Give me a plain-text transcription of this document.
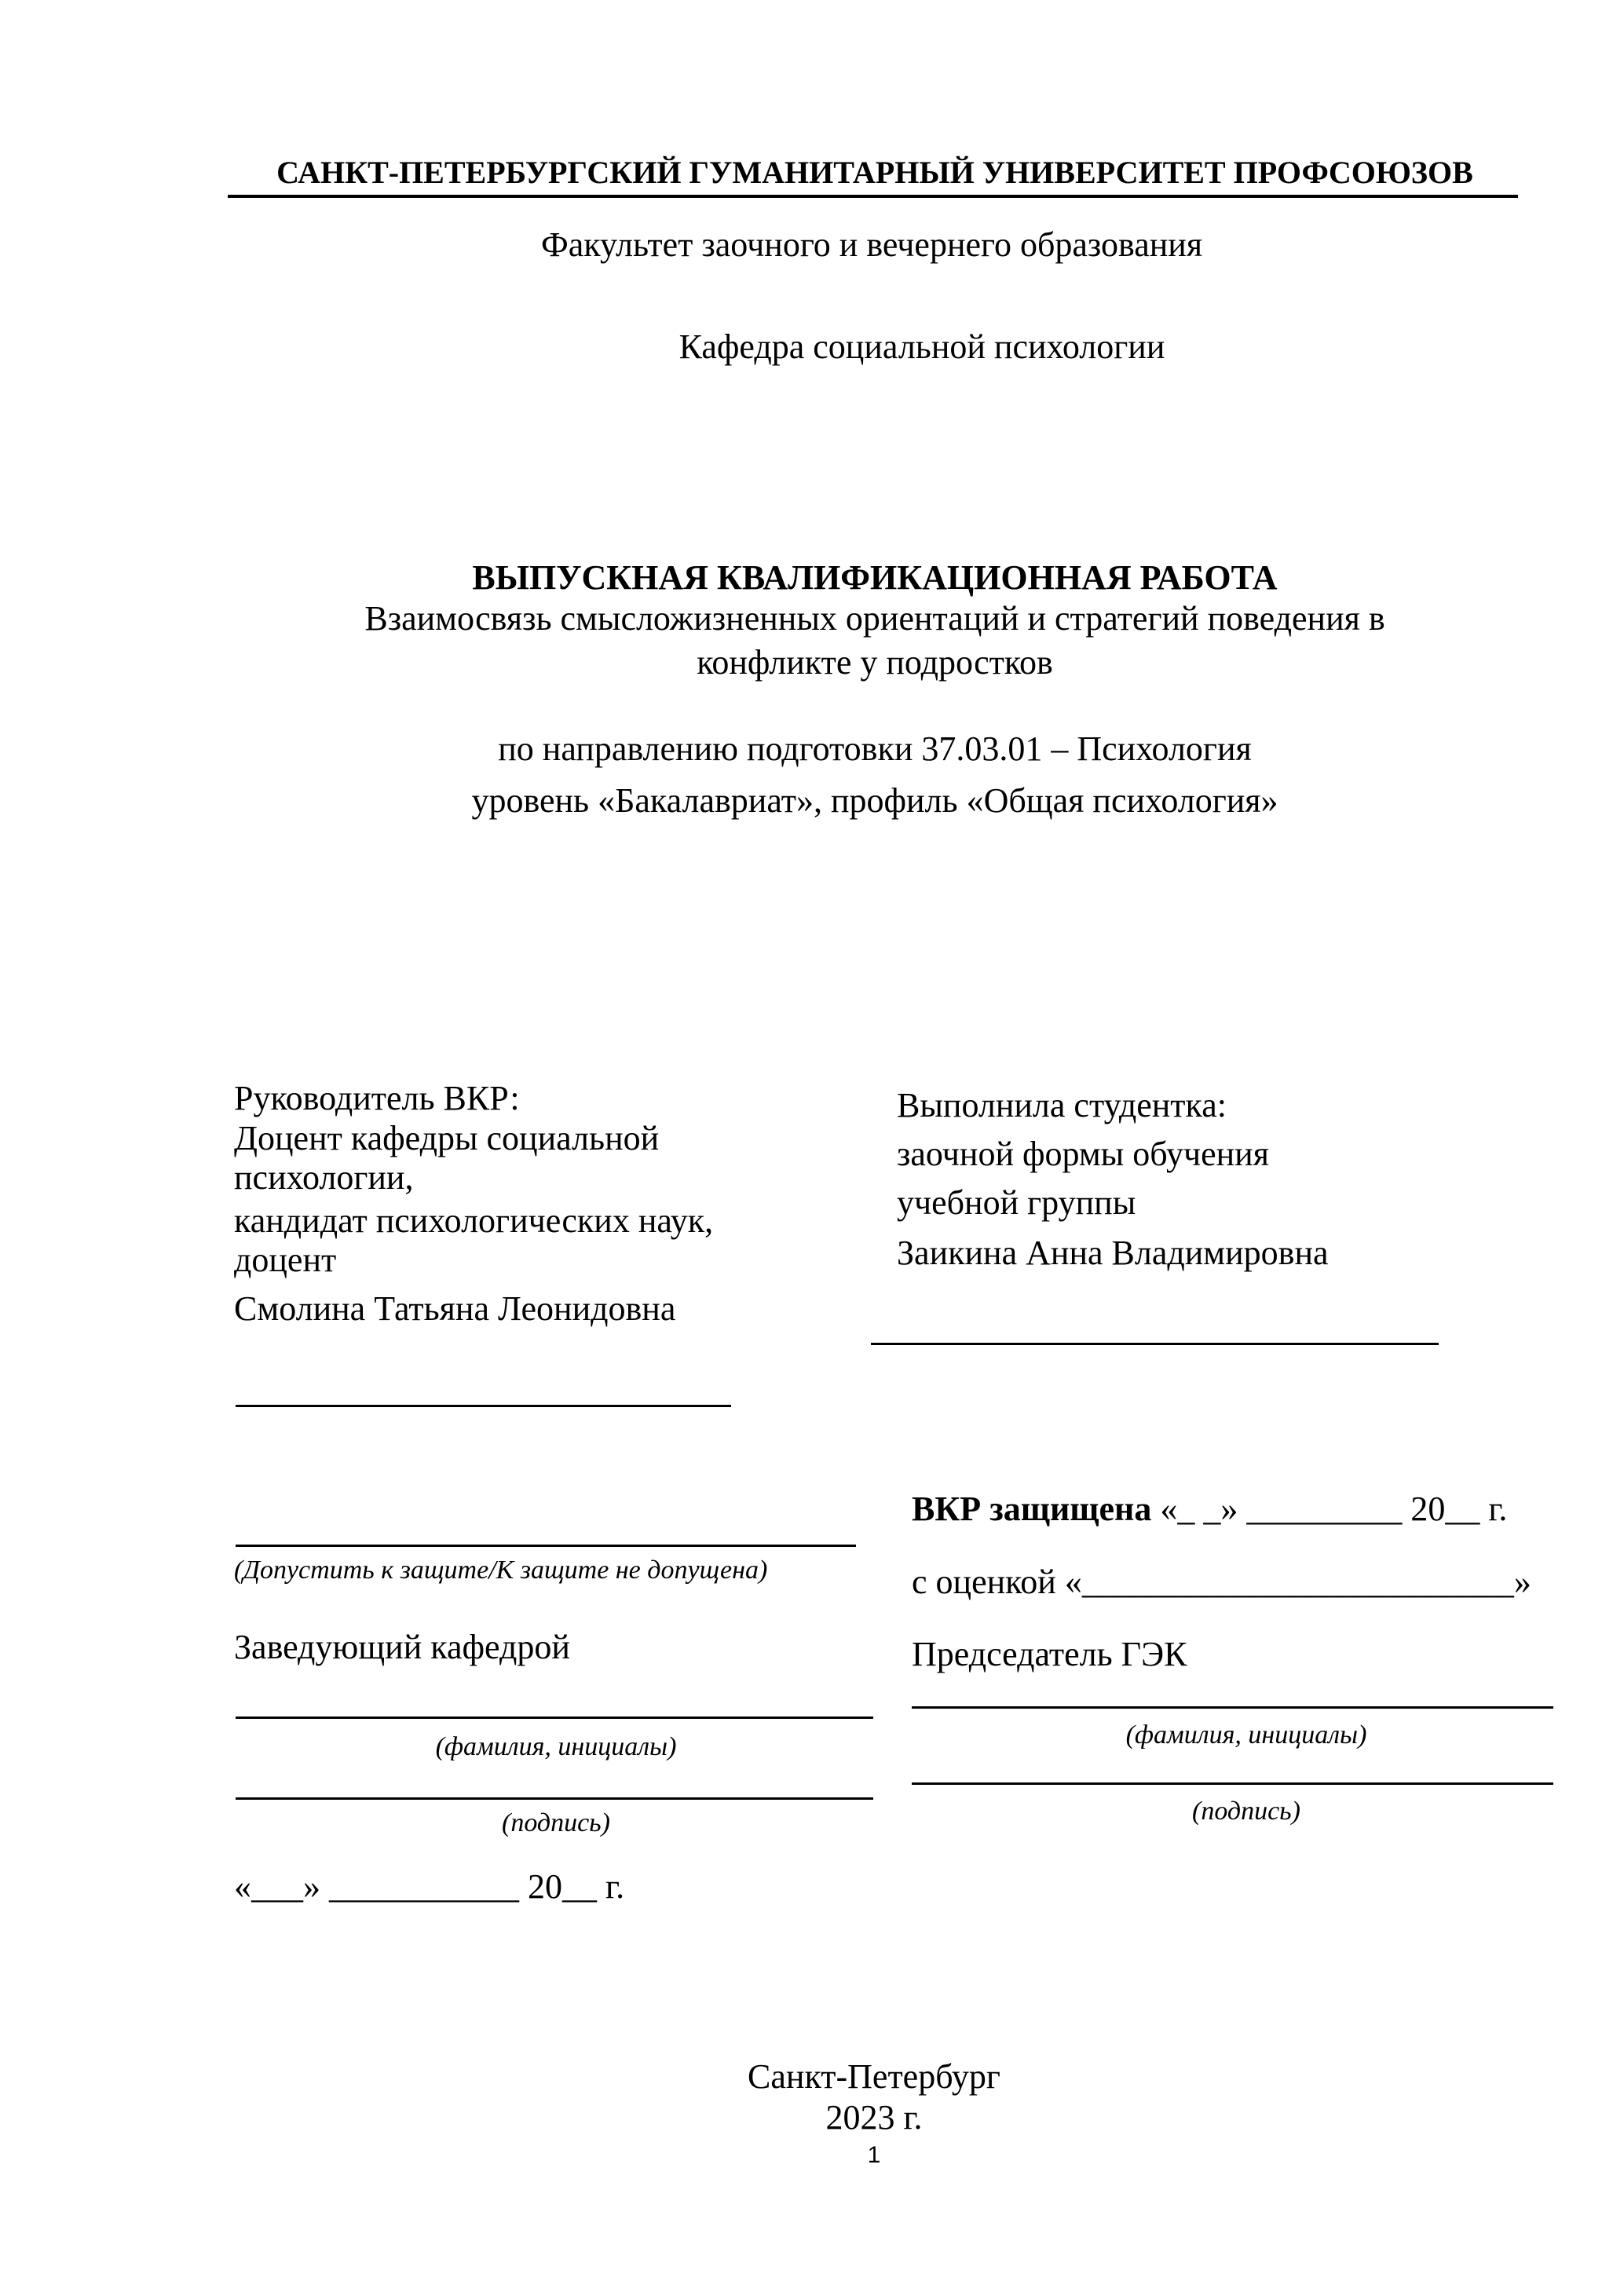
САНКТ-ПЕТЕРБУРГСКИЙ ГУМАНИТАРНЫЙ УНИВЕРСИТЕТ ПРОФСОЮЗОВ
Факультет заочного и вечернего образования
Кафедра социальной психологии
ВЫПУСКНАЯ КВАЛИФИКАЦИОННАЯ РАБОТА
Взаимосвязь смысложизненных ориентаций и стратегий поведения в
конфликте у подростков
по направлению подготовки 37.03.01 – Психология
уровень «Бакалавриат», профиль «Общая психология»
Руководитель ВКР:
Доцент кафедры социальной
психологии,
кандидат психологических наук,
доцент
Смолина Татьяна Леонидовна
Выполнила студентка:
заочной формы обучения
учебной группы
Заикина Анна Владимировна
(Допустить к защите/К защите не допущена)
Заведующий кафедрой
(фамилия, инициалы)
(подпись)
«___» ___________ 20__ г.
ВКР защищена «_ _» _________ 20__ г.
с оценкой «_________________________»
Председатель ГЭК
(фамилия, инициалы)
(подпись)
Санкт-Петербург
2023 г.
1
